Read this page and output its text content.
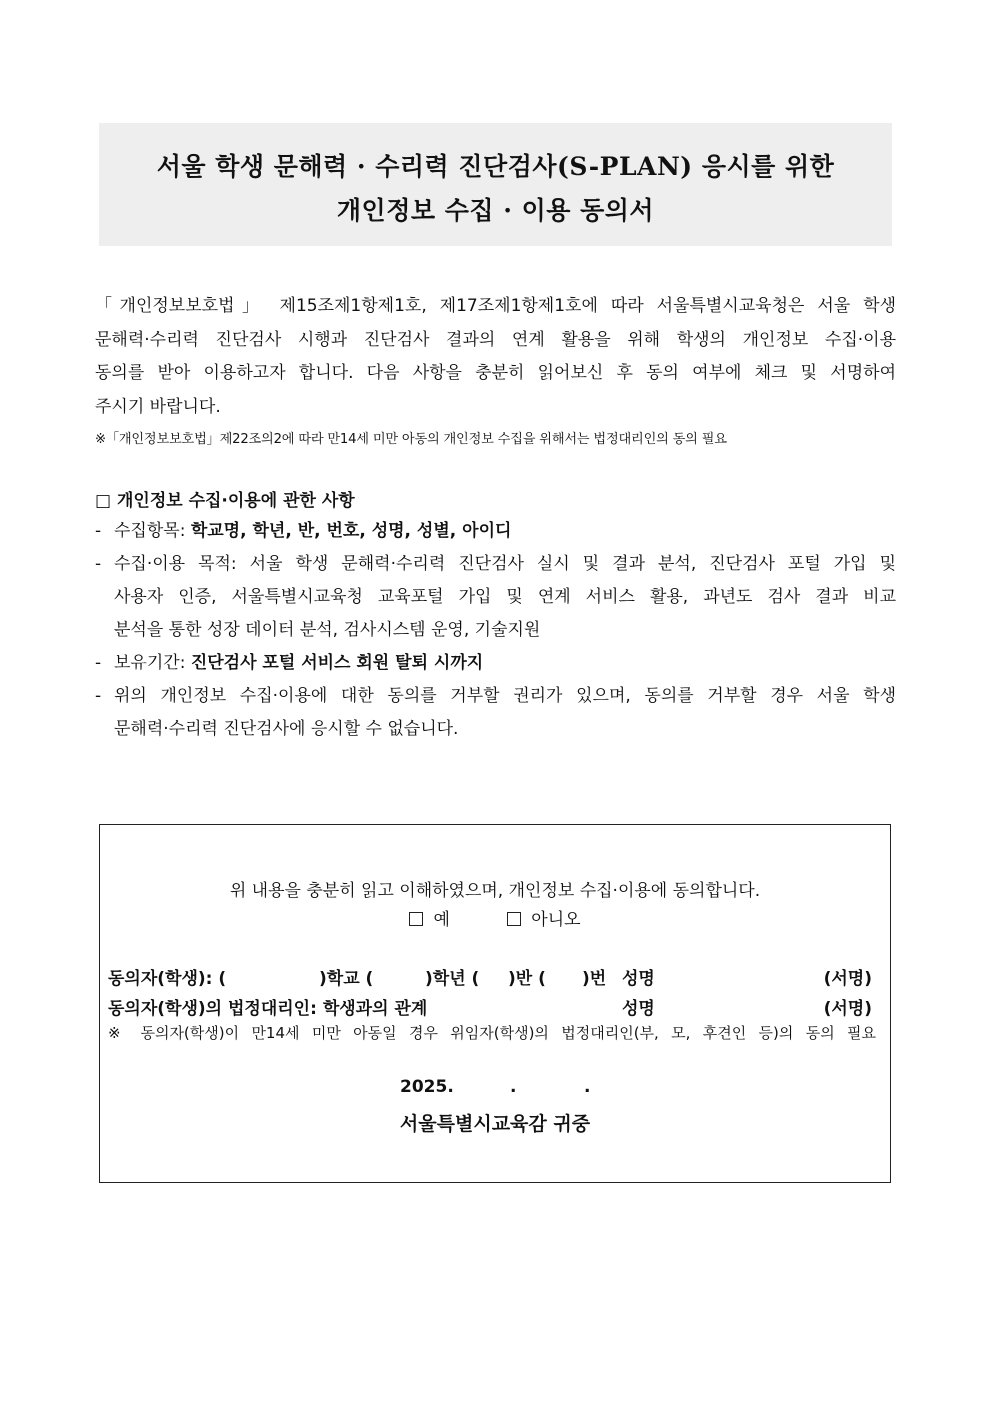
서울 학생 문해력 · 수리력 진단검사(S-PLAN) 응시를 위한
개인정보 수집 · 이용 동의서
「개인정보보호법」 제15조제1항제1호, 제17조제1항제1호에 따라 서울특별시교육청은 서울 학생
문해력·수리력 진단검사 시행과 진단검사 결과의 연계 활용을 위해 학생의 개인정보 수집·이용
동의를 받아 이용하고자 합니다. 다음 사항을 충분히 읽어보신 후 동의 여부에 체크 및 서명하여
주시기 바랍니다.
※「개인정보보호법」제22조의2에 따라 만14세 미만 아동의 개인정보 수집을 위해서는 법정대리인의 동의 필요
□ 개인정보 수집·이용에 관한 사항
- 수집항목: 학교명, 학년, 반, 번호, 성명, 성별, 아이디
- 수집·이용 목적: 서울 학생 문해력·수리력 진단검사 실시 및 결과 분석, 진단검사 포털 가입 및
사용자 인증, 서울특별시교육청 교육포털 가입 및 연계 서비스 활용, 과년도 검사 결과 비교
분석을 통한 성장 데이터 분석, 검사시스템 운영, 기술지원
- 보유기간: 진단검사 포털 서비스 회원 탈퇴 시까지
- 위의 개인정보 수집·이용에 대한 동의를 거부할 권리가 있으며, 동의를 거부할 경우 서울 학생
문해력·수리력 진단검사에 응시할 수 없습니다.
위 내용을 충분히 읽고 이해하였으며, 개인정보 수집·이용에 동의합니다.
예	아니오
동의자(학생): (	)학교 (	)학년 ( )반 ( )번 성명	(서명)
동의자(학생)의 법정대리인: 학생과의 관계	성명	(서명)
※ 동의자(학생)이 만14세 미만 아동일 경우 위임자(학생)의 법정대리인(부, 모, 후견인 등)의 동의 필요
2025.	.	.
서울특별시교육감 귀중
